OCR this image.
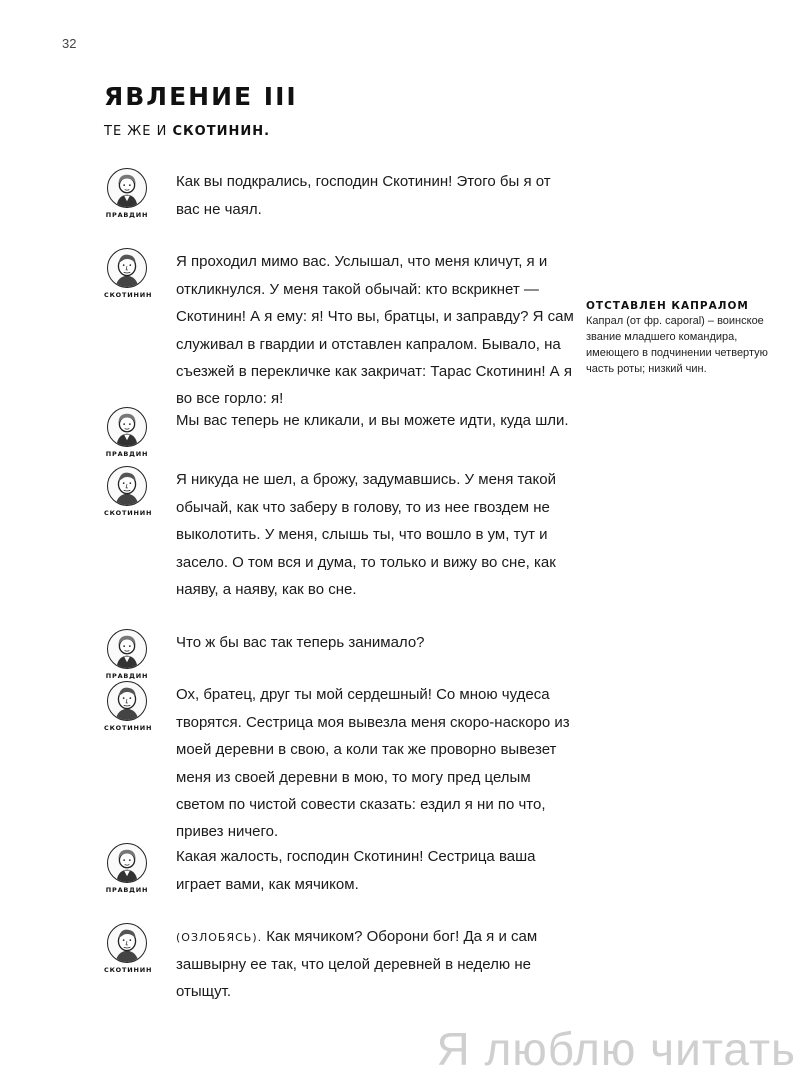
32
ЯВЛЕНИЕ III
ТЕ ЖЕ И СКОТИНИН.
ПРАВДИН

Как вы подкрались, господин Скотинин! Этого бы я от вас не чаял.

СКОТИНИН

Я проходил мимо вас. Услышал, что меня кличут, я и откликнулся. У меня такой обычай: кто вскрикнет — Скотинин! А я ему: я! Что вы, братцы, и заправду? Я сам служивал в гвардии и отставлен капралом. Бывало, на съезжей в перекличке как закричат: Тарас Скотинин! А я во все горло: я!

ПРАВДИН

Мы вас теперь не кликали, и вы можете идти, куда шли.

СКОТИНИН

Я никуда не шел, а брожу, задумавшись. У меня такой обычай, как что заберу в голову, то из нее гвоздем не выколотить. У меня, слышь ты, что вошло в ум, тут и засело. О том вся и дума, то только и вижу во сне, как наяву, а наяву, как во сне.

ПРАВДИН

Что ж бы вас так теперь занимало?

СКОТИНИН

Ох, братец, друг ты мой сердешный! Со мною чудеса творятся. Сестрица моя вывезла меня скоро-наскоро из моей деревни в свою, а коли так же проворно вывезет меня из своей деревни в мою, то могу пред целым светом по чистой совести сказать: ездил я ни по что, привез ничего.

ПРАВДИН

Какая жалость, господин Скотинин! Сестрица ваша играет вами, как мячиком.

СКОТИНИН

(ОЗЛОБЯСЬ). Как мячиком? Оборони бог! Да я и сам зашвырну ее так, что целой деревней в неделю не отыщут.

ОТСТАВЛЕН КАПРАЛОМ

Капрал (от фр. caporal) – воинское звание младшего командира, имеющего в подчинении четвертую часть роты; низкий чин.

Я люблю читать
